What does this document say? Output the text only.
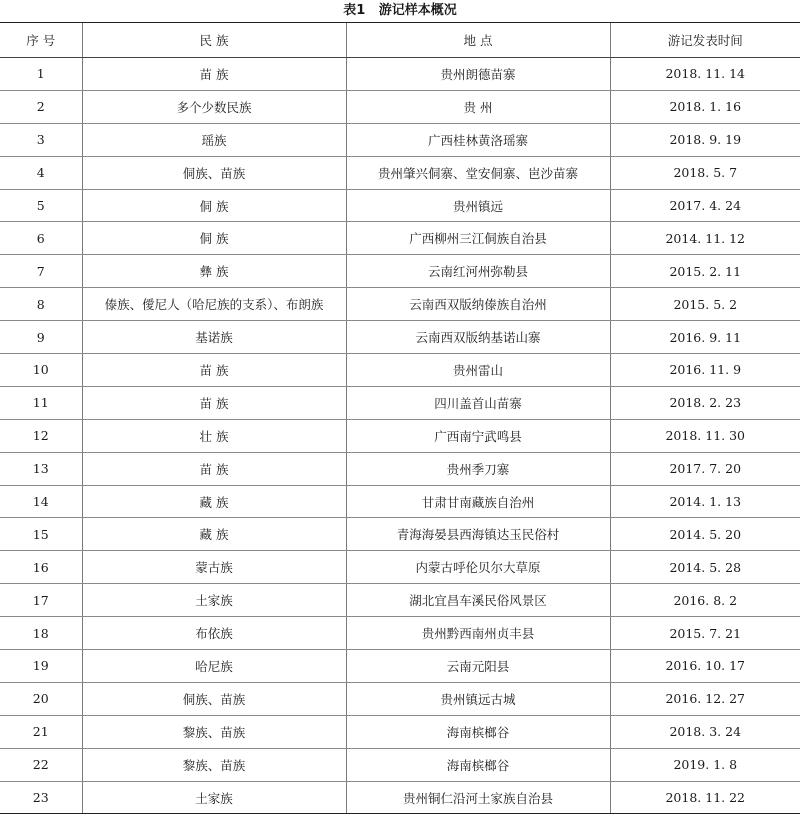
表1   游记样本概况
序 号	民 族	地 点	游记发表时间
1	苗 族	贵州朗德苗寨	2018. 11. 14
2	多个少数民族	贵 州	2018. 1. 16
3	瑶族	广西桂林黄洛瑶寨	2018. 9. 19
4	侗族、苗族	贵州肇兴侗寨、堂安侗寨、岜沙苗寨	2018. 5. 7
5	侗 族	贵州镇远	2017. 4. 24
6	侗 族	广西柳州三江侗族自治县	2014. 11. 12
7	彝 族	云南红河州弥勒县	2015. 2. 11
8	傣族、僾尼人（哈尼族的支系）、布朗族	云南西双版纳傣族自治州	2015. 5. 2
9	基诺族	云南西双版纳基诺山寨	2016. 9. 11
10	苗 族	贵州雷山	2016. 11. 9
11	苗 族	四川盖首山苗寨	2018. 2. 23
12	壮 族	广西南宁武鸣县	2018. 11. 30
13	苗 族	贵州季刀寨	2017. 7. 20
14	藏 族	甘肃甘南藏族自治州	2014. 1. 13
15	藏 族	青海海晏县西海镇达玉民俗村	2014. 5. 20
16	蒙古族	内蒙古呼伦贝尔大草原	2014. 5. 28
17	土家族	湖北宜昌车溪民俗风景区	2016. 8. 2
18	布依族	贵州黔西南州贞丰县	2015. 7. 21
19	哈尼族	云南元阳县	2016. 10. 17
20	侗族、苗族	贵州镇远古城	2016. 12. 27
21	黎族、苗族	海南槟榔谷	2018. 3. 24
22	黎族、苗族	海南槟榔谷	2019. 1. 8
23	土家族	贵州铜仁沿河土家族自治县	2018. 11. 22
